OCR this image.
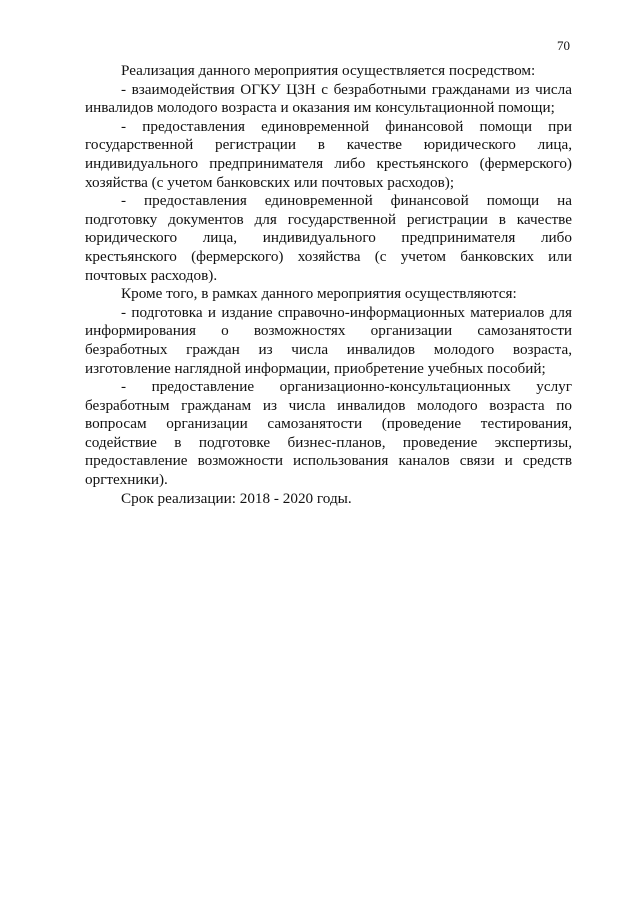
70

Реализация данного мероприятия осуществляется посредством:

- взаимодействия ОГКУ ЦЗН с безработными гражданами из числа инвалидов молодого возраста и оказания им консультационной помощи;

- предоставления единовременной финансовой помощи при государственной регистрации в качестве юридического лица, индивидуального предпринимателя либо крестьянского (фермерского) хозяйства (с учетом банковских или почтовых расходов);

- предоставления единовременной финансовой помощи на подготовку документов для государственной регистрации в качестве юридического лица, индивидуального предпринимателя либо крестьянского (фермерского) хозяйства (с учетом банковских или почтовых расходов).

Кроме того, в рамках данного мероприятия осуществляются:

- подготовка и издание справочно-информационных материалов для информирования о возможностях организации самозанятости безработных граждан из числа инвалидов молодого возраста, изготовление наглядной информации, приобретение учебных пособий;

- предоставление организационно-консультационных услуг безработным гражданам из числа инвалидов молодого возраста по вопросам организации самозанятости (проведение тестирования, содействие в подготовке бизнес-планов, проведение экспертизы, предоставление возможности использования каналов связи и средств оргтехники).

Срок реализации: 2018 - 2020 годы.
